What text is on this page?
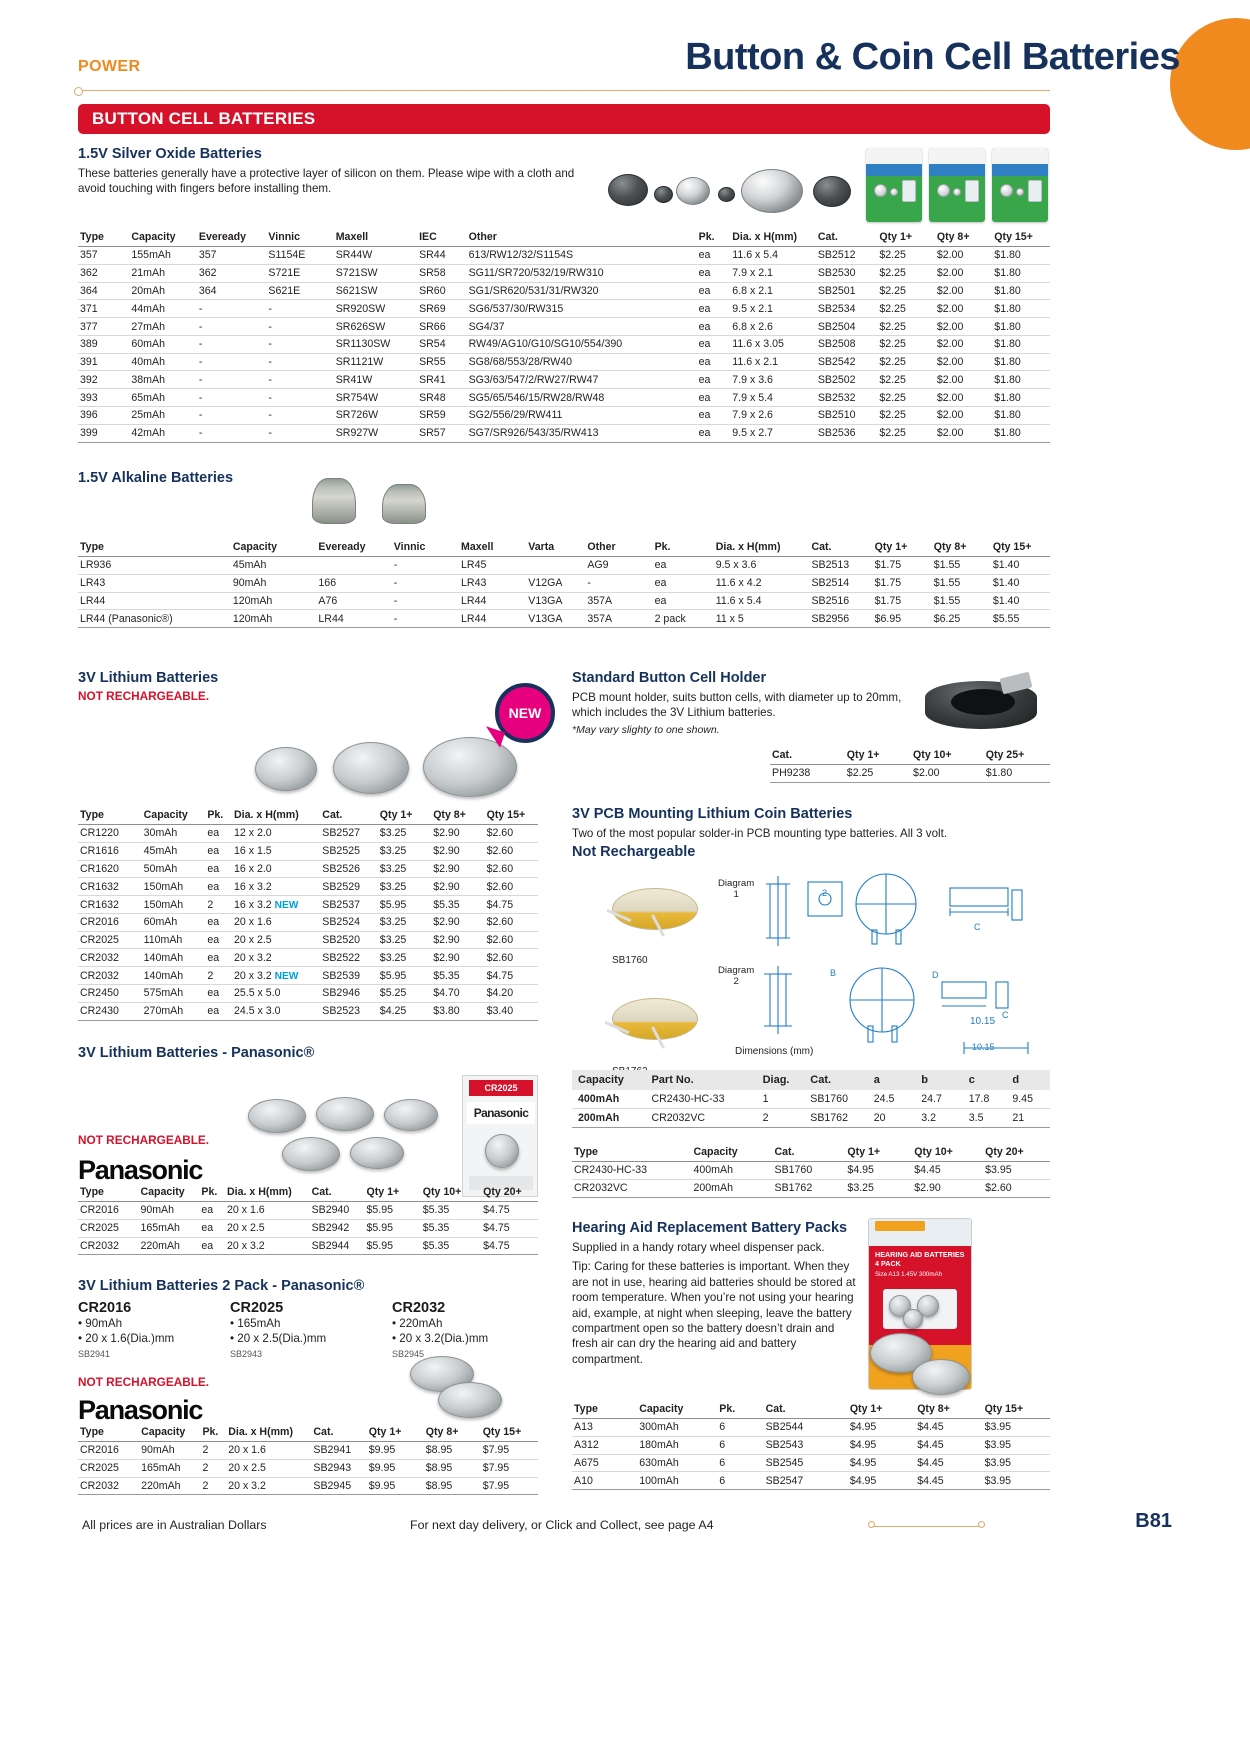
POWER	Button & Coin Cell Batteries
BUTTON CELL BATTERIES
1.5V Silver Oxide Batteries
These batteries generally have a protective layer of silicon on them. Please wipe with a cloth and avoid touching with fingers before installing them.
Type	Capacity	Eveready	Vinnic	Maxell	IEC	Other	Pk.	Dia. x H(mm)	Cat.	Qty 1+	Qty 8+	Qty 15+
357	155mAh	357	S1154E	SR44W	SR44	613/RW12/32/S1154S	ea	11.6 x 5.4	SB2512	$2.25	$2.00	$1.80
362	21mAh	362	S721E	S721SW	SR58	SG11/SR720/532/19/RW310	ea	7.9 x 2.1	SB2530	$2.25	$2.00	$1.80
364	20mAh	364	S621E	S621SW	SR60	SG1/SR620/531/31/RW320	ea	6.8 x 2.1	SB2501	$2.25	$2.00	$1.80
371	44mAh	-	-	SR920SW	SR69	SG6/537/30/RW315	ea	9.5 x 2.1	SB2534	$2.25	$2.00	$1.80
377	27mAh	-	-	SR626SW	SR66	SG4/37	ea	6.8 x 2.6	SB2504	$2.25	$2.00	$1.80
389	60mAh	-	-	SR1130SW	SR54	RW49/AG10/G10/SG10/554/390	ea	11.6 x 3.05	SB2508	$2.25	$2.00	$1.80
391	40mAh	-	-	SR1121W	SR55	SG8/68/553/28/RW40	ea	11.6 x 2.1	SB2542	$2.25	$2.00	$1.80
392	38mAh	-	-	SR41W	SR41	SG3/63/547/2/RW27/RW47	ea	7.9 x 3.6	SB2502	$2.25	$2.00	$1.80
393	65mAh	-	-	SR754W	SR48	SG5/65/546/15/RW28/RW48	ea	7.9 x 5.4	SB2532	$2.25	$2.00	$1.80
396	25mAh	-	-	SR726W	SR59	SG2/556/29/RW411	ea	7.9 x 2.6	SB2510	$2.25	$2.00	$1.80
399	42mAh	-	-	SR927W	SR57	SG7/SR926/543/35/RW413	ea	9.5 x 2.7	SB2536	$2.25	$2.00	$1.80
1.5V Alkaline Batteries
Type	Capacity	Eveready	Vinnic	Maxell	Varta	Other	Pk.	Dia. x H(mm)	Cat.	Qty 1+	Qty 8+	Qty 15+
LR936	45mAh		-	LR45		AG9	ea	9.5 x 3.6	SB2513	$1.75	$1.55	$1.40
LR43	90mAh	166	-	LR43	V12GA	-	ea	11.6 x 4.2	SB2514	$1.75	$1.55	$1.40
LR44	120mAh	A76	-	LR44	V13GA	357A	ea	11.6 x 5.4	SB2516	$1.75	$1.55	$1.40
LR44 (Panasonic®)	120mAh	LR44	-	LR44	V13GA	357A	2 pack	11 x 5	SB2956	$6.95	$6.25	$5.55
3V Lithium Batteries
NOT RECHARGEABLE.
NEW
Type	Capacity	Pk.	Dia. x H(mm)	Cat.	Qty 1+	Qty 8+	Qty 15+
CR1220	30mAh	ea	12 x 2.0	SB2527	$3.25	$2.90	$2.60
CR1616	45mAh	ea	16 x 1.5	SB2525	$3.25	$2.90	$2.60
CR1620	50mAh	ea	16 x 2.0	SB2526	$3.25	$2.90	$2.60
CR1632	150mAh	ea	16 x 3.2	SB2529	$3.25	$2.90	$2.60
CR1632	150mAh	2	16 x 3.2 NEW	SB2537	$5.95	$5.35	$4.75
CR2016	60mAh	ea	20 x 1.6	SB2524	$3.25	$2.90	$2.60
CR2025	110mAh	ea	20 x 2.5	SB2520	$3.25	$2.90	$2.60
CR2032	140mAh	ea	20 x 3.2	SB2522	$3.25	$2.90	$2.60
CR2032	140mAh	2	20 x 3.2 NEW	SB2539	$5.95	$5.35	$4.75
CR2450	575mAh	ea	25.5 x 5.0	SB2946	$5.25	$4.70	$4.20
CR2430	270mAh	ea	24.5 x 3.0	SB2523	$4.25	$3.80	$3.40
Standard Button Cell Holder
PCB mount holder, suits button cells, with diameter up to 20mm, which includes the 3V Lithium batteries.
*May vary slighty to one shown.
Cat.	Qty 1+	Qty 10+	Qty 25+
PH9238	$2.25	$2.00	$1.80
3V PCB Mounting Lithium Coin Batteries
Two of the most popular solder-in PCB mounting type batteries. All 3 volt.
Not Rechargeable
SB1760
Diagram
1
Diagram
2
Dimensions (mm)
2
C
B	D
C
10.15
10.15
Capacity	Part No.	Diag.	Cat.	a	b	c	d
400mAh	CR2430-HC-33	1	SB1760	24.5	24.7	17.8	9.45
200mAh	CR2032VC	2	SB1762	20	3.2	3.5	21
Type	Capacity	Cat.	Qty 1+	Qty 10+	Qty 20+
CR2430-HC-33	400mAh	SB1760	$4.95	$4.45	$3.95
CR2032VC	200mAh	SB1762	$3.25	$2.90	$2.60
3V Lithium Batteries - Panasonic®
CR2025
Panasonic
NOT RECHARGEABLE.
Panasonic
Type	Capacity	Pk.	Dia. x H(mm)	Cat.	Qty 1+	Qty 10+	Qty 20+
CR2016	90mAh	ea	20 x 1.6	SB2940	$5.95	$5.35	$4.75
CR2025	165mAh	ea	20 x 2.5	SB2942	$5.95	$5.35	$4.75
CR2032	220mAh	ea	20 x 3.2	SB2944	$5.95	$5.35	$4.75
3V Lithium Batteries 2 Pack - Panasonic®
CR2016
• 90mAh
• 20 x 1.6(Dia.)mm
SB2941
CR2025
• 165mAh
• 20 x 2.5(Dia.)mm
SB2943
CR2032
• 220mAh
• 20 x 3.2(Dia.)mm
SB2945
NOT RECHARGEABLE.
Panasonic
Type	Capacity	Pk.	Dia. x H(mm)	Cat.	Qty 1+	Qty 8+	Qty 15+
CR2016	90mAh	2	20 x 1.6	SB2941	$9.95	$8.95	$7.95
CR2025	165mAh	2	20 x 2.5	SB2943	$9.95	$8.95	$7.95
CR2032	220mAh	2	20 x 3.2	SB2945	$9.95	$8.95	$7.95
Hearing Aid Replacement Battery Packs
Supplied in a handy rotary wheel dispenser pack.
Tip: Caring for these batteries is important. When they are not in use, hearing aid batteries should be stored at room temperature. When you’re not using your hearing aid, example, at night when sleeping, leave the battery compartment open so the battery doesn’t drain and fresh air can dry the hearing aid and battery compartment.
HEARING AID BATTERIES 4 PACK
Size A13 1.45V 300mAh
Type	Capacity	Pk.	Cat.	Qty 1+	Qty 8+	Qty 15+
A13	300mAh	6	SB2544	$4.95	$4.45	$3.95
A312	180mAh	6	SB2543	$4.95	$4.45	$3.95
A675	630mAh	6	SB2545	$4.95	$4.45	$3.95
A10	100mAh	6	SB2547	$4.95	$4.45	$3.95
All prices are in Australian Dollars	For next day delivery, or Click and Collect, see page A4	B81
